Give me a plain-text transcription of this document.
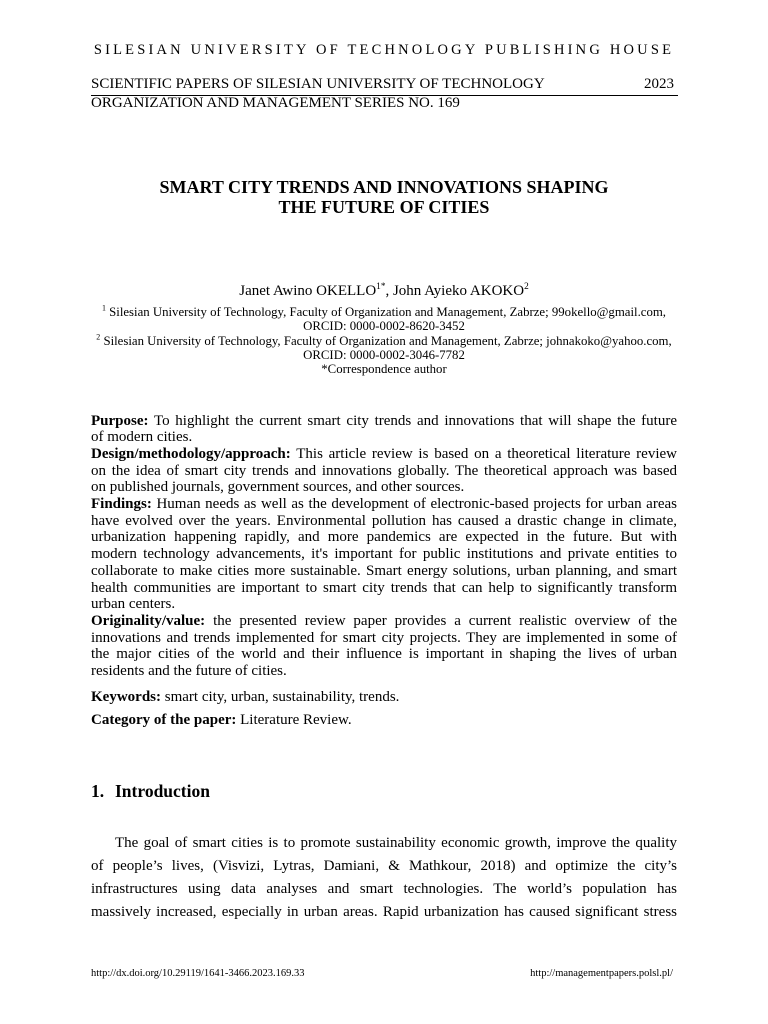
SILESIAN UNIVERSITY OF TECHNOLOGY PUBLISHING HOUSE
SCIENTIFIC PAPERS OF SILESIAN UNIVERSITY OF TECHNOLOGY	2023
ORGANIZATION AND MANAGEMENT SERIES NO. 169
SMART CITY TRENDS AND INNOVATIONS SHAPING
THE FUTURE OF CITIES
Janet Awino $OKELLO^{1*}$, John Ayieko AKOKO$^2$
$^1$ Silesian University of Technology, Faculty of Organization and Management, Zabrze; 99okello@gmail.com,
ORCID: 0000-0002-8620-3452
$^2$ Silesian University of Technology, Faculty of Organization and Management, Zabrze; johnakoko@yahoo.com,
ORCID: 0000-0002-3046-7782
*Correspondence author
Purpose: To highlight the current smart city trends and innovations that will shape the future
of modern cities.
Design/methodology/approach: This article review is based on a theoretical literature review
on the idea of smart city trends and innovations globally. The theoretical approach was based
on published journals, government sources, and other sources.
Findings: Human needs as well as the development of electronic-based projects for urban areas
have evolved over the years. Environmental pollution has caused a drastic change in climate,
urbanization happening rapidly, and more pandemics are expected in the future. But with
modern technology advancements, it's important for public institutions and private entities to
collaborate to make cities more sustainable. Smart energy solutions, urban planning, and smart
health communities are important to smart city trends that can help to significantly transform
urban centers.
Originality/value: the presented review paper provides a current realistic overview of the
innovations and trends implemented for smart city projects. They are implemented in some of
the major cities of the world and their influence is important in shaping the lives of urban
residents and the future of cities.
Keywords: smart city, urban, sustainability, trends.
Category of the paper: Literature Review.
1. Introduction
The goal of smart cities is to promote sustainability economic growth, improve the quality
of people’s lives, (Visvizi, Lytras, Damiani, & Mathkour, 2018) and optimize the city’s
infrastructures using data analyses and smart technologies. The world’s population has
massively increased, especially in urban areas. Rapid urbanization has caused significant stress
http://dx.doi.org/10.29119/1641-3466.2023.169.33	http://managementpapers.polsl.pl/
